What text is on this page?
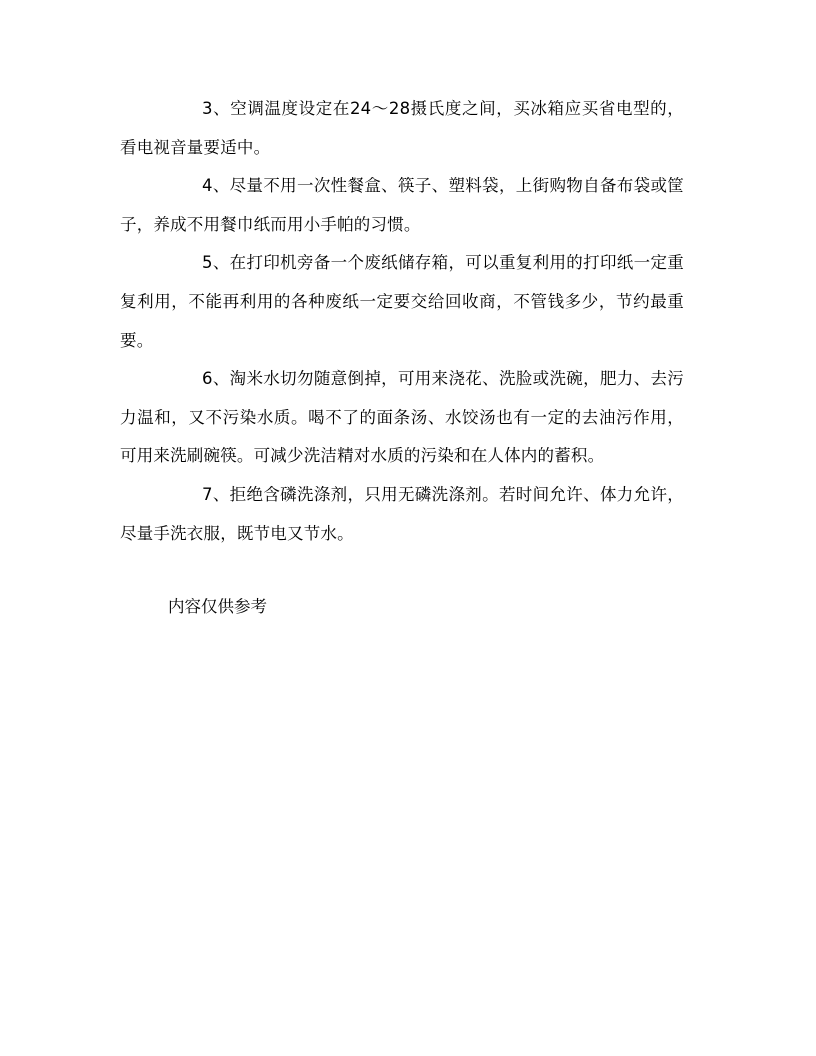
3、空调温度设定在24～28摄氏度之间，买冰箱应买省电型的，看电视音量要适中。

4、尽量不用一次性餐盒、筷子、塑料袋，上街购物自备布袋或筐子，养成不用餐巾纸而用小手帕的习惯。

5、在打印机旁备一个废纸储存箱，可以重复利用的打印纸一定重复利用，不能再利用的各种废纸一定要交给回收商，不管钱多少，节约最重要。

6、淘米水切勿随意倒掉，可用来浇花、洗脸或洗碗，肥力、去污力温和，又不污染水质。喝不了的面条汤、水饺汤也有一定的去油污作用，可用来洗刷碗筷。可减少洗洁精对水质的污染和在人体内的蓄积。

7、拒绝含磷洗涤剂，只用无磷洗涤剂。若时间允许、体力允许，尽量手洗衣服，既节电又节水。

内容仅供参考
